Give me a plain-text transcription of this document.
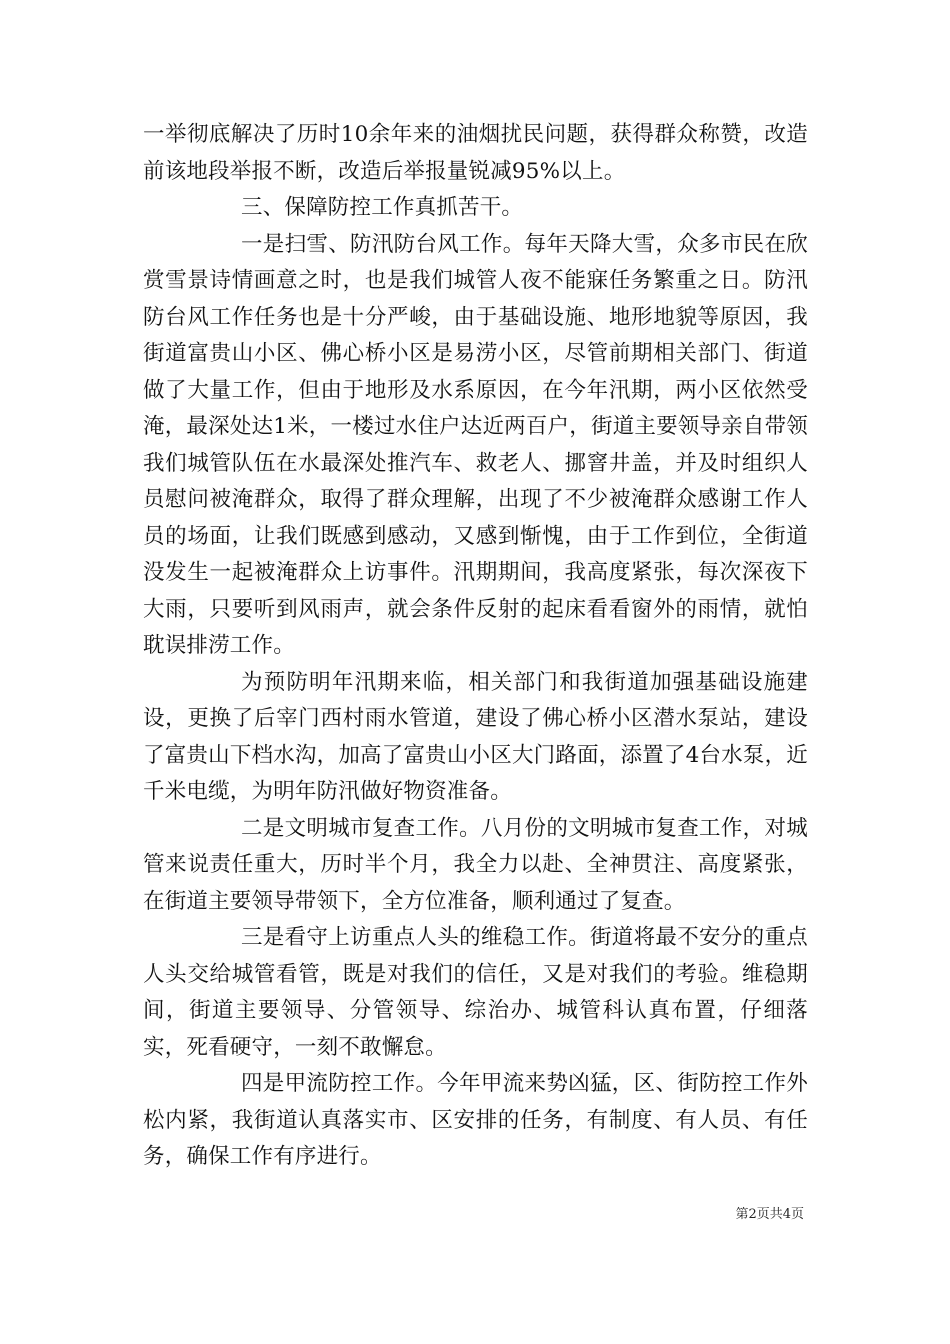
一举彻底解决了历时10余年来的油烟扰民问题，获得群众称赞，改造前该地段举报不断，改造后举报量锐减95%以上。

三、保障防控工作真抓苦干。

一是扫雪、防汛防台风工作。每年天降大雪，众多市民在欣赏雪景诗情画意之时，也是我们城管人夜不能寐任务繁重之日。防汛防台风工作任务也是十分严峻，由于基础设施、地形地貌等原因，我街道富贵山小区、佛心桥小区是易涝小区，尽管前期相关部门、街道做了大量工作，但由于地形及水系原因，在今年汛期，两小区依然受淹，最深处达1米，一楼过水住户达近两百户，街道主要领导亲自带领我们城管队伍在水最深处推汽车、救老人、挪窨井盖，并及时组织人员慰问被淹群众，取得了群众理解，出现了不少被淹群众感谢工作人员的场面，让我们既感到感动，又感到惭愧，由于工作到位，全街道没发生一起被淹群众上访事件。汛期期间，我高度紧张，每次深夜下大雨，只要听到风雨声，就会条件反射的起床看看窗外的雨情，就怕耽误排涝工作。

为预防明年汛期来临，相关部门和我街道加强基础设施建设，更换了后宰门西村雨水管道，建设了佛心桥小区潜水泵站，建设了富贵山下档水沟，加高了富贵山小区大门路面，添置了4台水泵，近千米电缆，为明年防汛做好物资准备。

二是文明城市复查工作。八月份的文明城市复查工作，对城管来说责任重大，历时半个月，我全力以赴、全神贯注、高度紧张，在街道主要领导带领下，全方位准备，顺利通过了复查。

三是看守上访重点人头的维稳工作。街道将最不安分的重点人头交给城管看管，既是对我们的信任，又是对我们的考验。维稳期间，街道主要领导、分管领导、综治办、城管科认真布置，仔细落实，死看硬守，一刻不敢懈怠。

四是甲流防控工作。今年甲流来势凶猛，区、街防控工作外松内紧，我街道认真落实市、区安排的任务，有制度、有人员、有任务，确保工作有序进行。

第2页共4页
